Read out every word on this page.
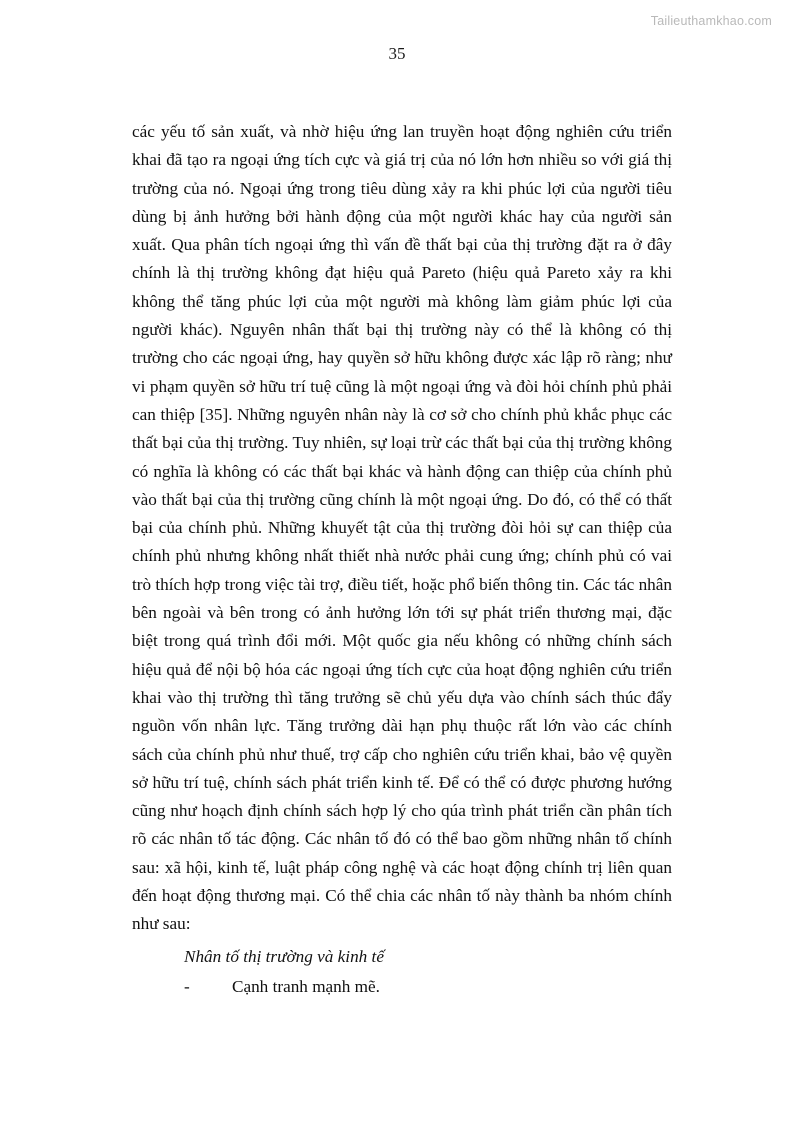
Tailieuthamkhao.com
35

các yếu tố sản xuất, và nhờ hiệu ứng lan truyền hoạt động nghiên cứu triển khai đã tạo ra ngoại ứng tích cực và giá trị của nó lớn hơn nhiều so với giá thị trường của nó. Ngoại ứng trong tiêu dùng xảy ra khi phúc lợi của người tiêu dùng bị ảnh hưởng bởi hành động của một người khác hay của người sản xuất. Qua phân tích ngoại ứng thì vấn đề thất bại của thị trường đặt ra ở đây chính là thị trường không đạt hiệu quả Pareto (hiệu quả Pareto xảy ra khi không thể tăng phúc lợi của một người mà không làm giảm phúc lợi của người khác). Nguyên nhân thất bại thị trường này có thể là không có thị trường cho các ngoại ứng, hay quyền sở hữu không được xác lập rõ ràng; như vi phạm quyền sở hữu trí tuệ cũng là một ngoại ứng và đòi hỏi chính phủ phải can thiệp [35]. Những nguyên nhân này là cơ sở cho chính phủ khắc phục các thất bại của thị trường. Tuy nhiên, sự loại trừ các thất bại của thị trường không có nghĩa là không có các thất bại khác và hành động can thiệp của chính phủ vào thất bại của thị trường cũng chính là một ngoại ứng. Do đó, có thể có thất bại của chính phủ. Những khuyết tật của thị trường đòi hỏi sự can thiệp của chính phủ nhưng không nhất thiết nhà nước phải cung ứng; chính phủ có vai trò thích hợp trong việc tài trợ, điều tiết, hoặc phổ biến thông tin. Các tác nhân bên ngoài và bên trong có ảnh hưởng lớn tới sự phát triển thương mại, đặc biệt trong quá trình đổi mới. Một quốc gia nếu không có những chính sách hiệu quả để nội bộ hóa các ngoại ứng tích cực của hoạt động nghiên cứu triển khai vào thị trường thì tăng trưởng sẽ chủ yếu dựa vào chính sách thúc đẩy nguồn vốn nhân lực. Tăng trưởng dài hạn phụ thuộc rất lớn vào các chính sách của chính phủ như thuế, trợ cấp cho nghiên cứu triển khai, bảo vệ quyền sở hữu trí tuệ, chính sách phát triển kinh tế. Để có thể có được phương hướng cũng như hoạch định chính sách hợp lý cho qúa trình phát triển cần phân tích rõ các nhân tố tác động. Các nhân tố đó có thể bao gồm những nhân tố chính sau: xã hội, kinh tế, luật pháp công nghệ và các hoạt động chính trị liên quan đến hoạt động thương mại. Có thể chia các nhân tố này thành ba nhóm chính như sau:

Nhân tố thị trường và kinh tế

-	Cạnh tranh mạnh mẽ.
